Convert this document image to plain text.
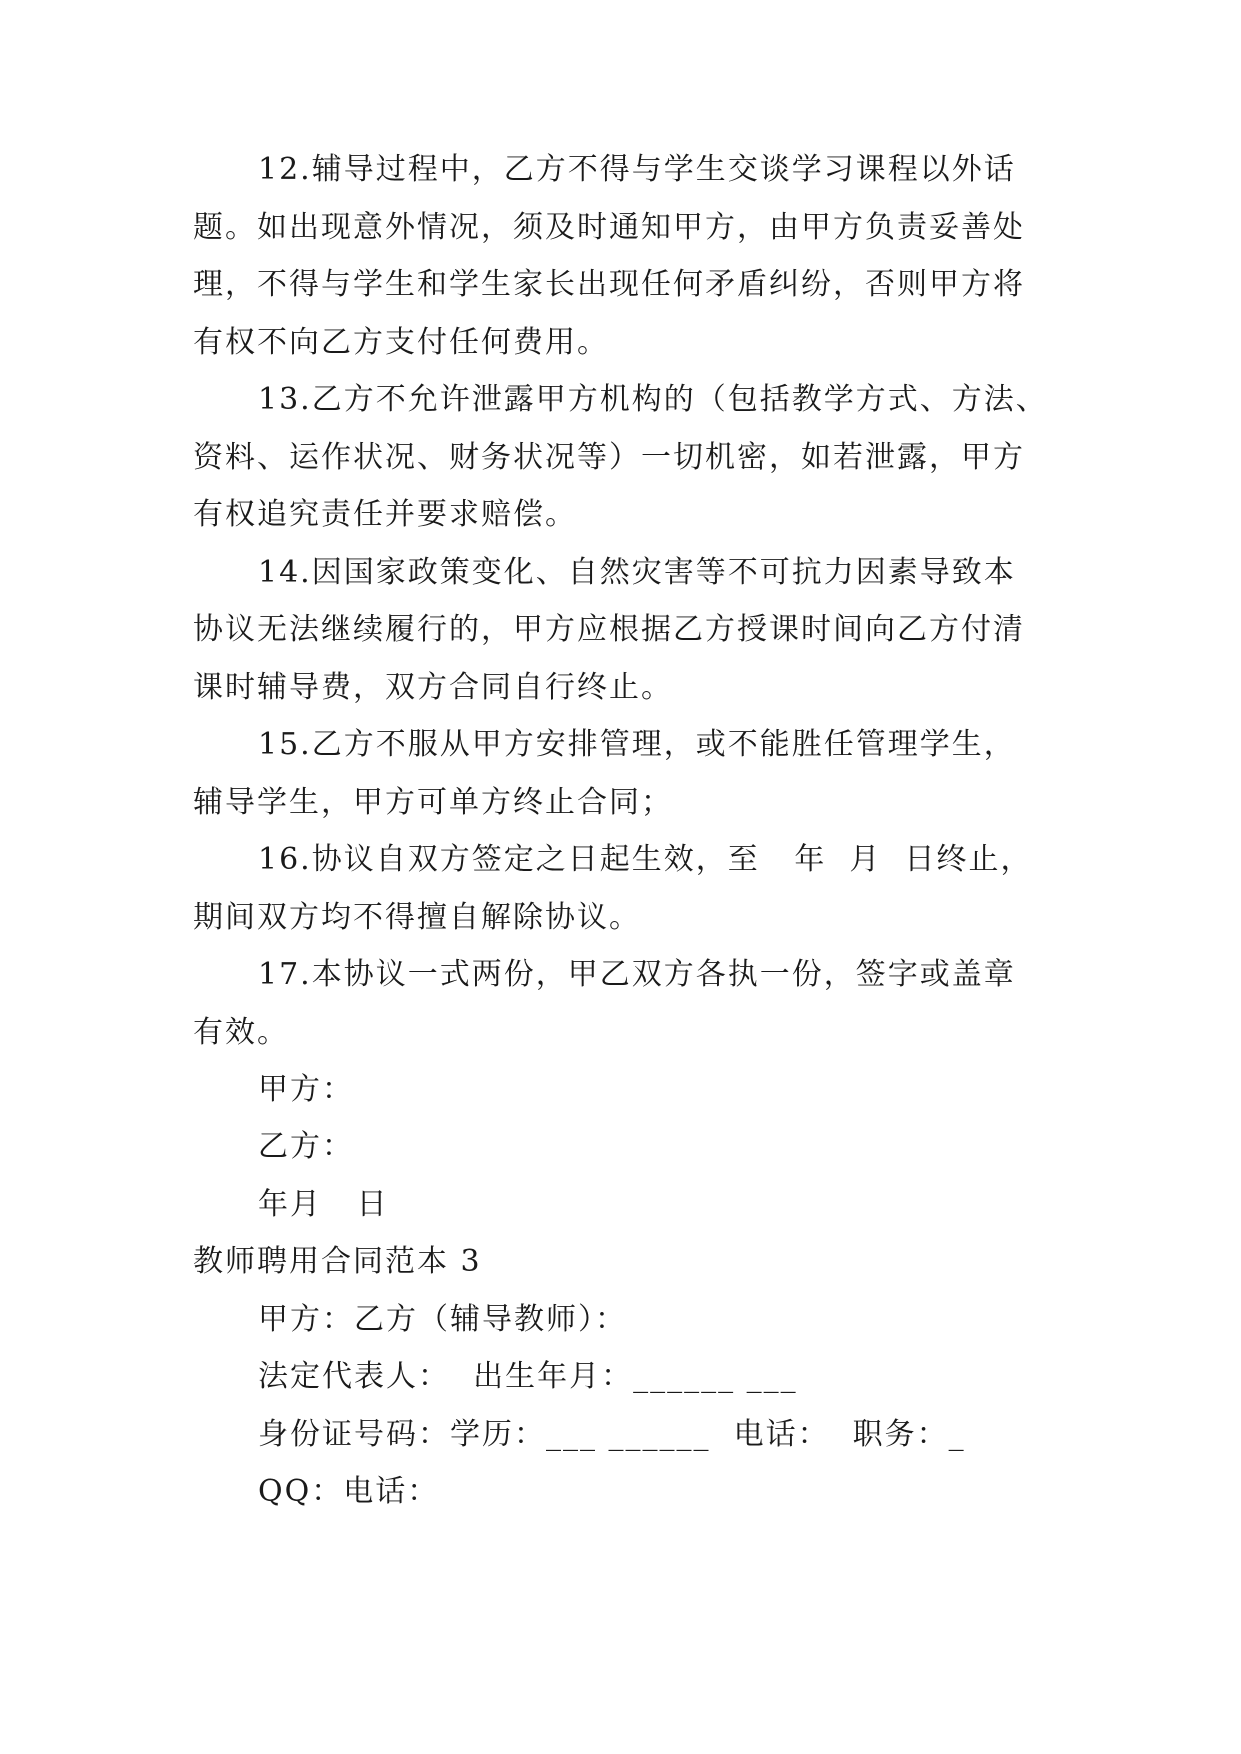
12.辅导过程中，乙方不得与学生交谈学习课程以外话
题。如出现意外情况，须及时通知甲方，由甲方负责妥善处
理，不得与学生和学生家长出现任何矛盾纠纷，否则甲方将
有权不向乙方支付任何费用。
13.乙方不允许泄露甲方机构的（包括教学方式、方法、
资料、运作状况、财务状况等）一切机密，如若泄露，甲方
有权追究责任并要求赔偿。
14.因国家政策变化、自然灾害等不可抗力因素导致本
协议无法继续履行的，甲方应根据乙方授课时间向乙方付清
课时辅导费，双方合同自行终止。
15.乙方不服从甲方安排管理，或不能胜任管理学生，
辅导学生，甲方可单方终止合同；
16.协议自双方签定之日起生效，至   年  月  日终止，
期间双方均不得擅自解除协议。
17.本协议一式两份，甲乙双方各执一份，签字或盖章
有效。
甲方：
乙方：
年月   日
教师聘用合同范本 3
甲方：乙方（辅导教师）：
法定代表人：  出生年月：______ ___
身份证号码：学历：___ ______  电话：  职务：_
QQ：电话：
